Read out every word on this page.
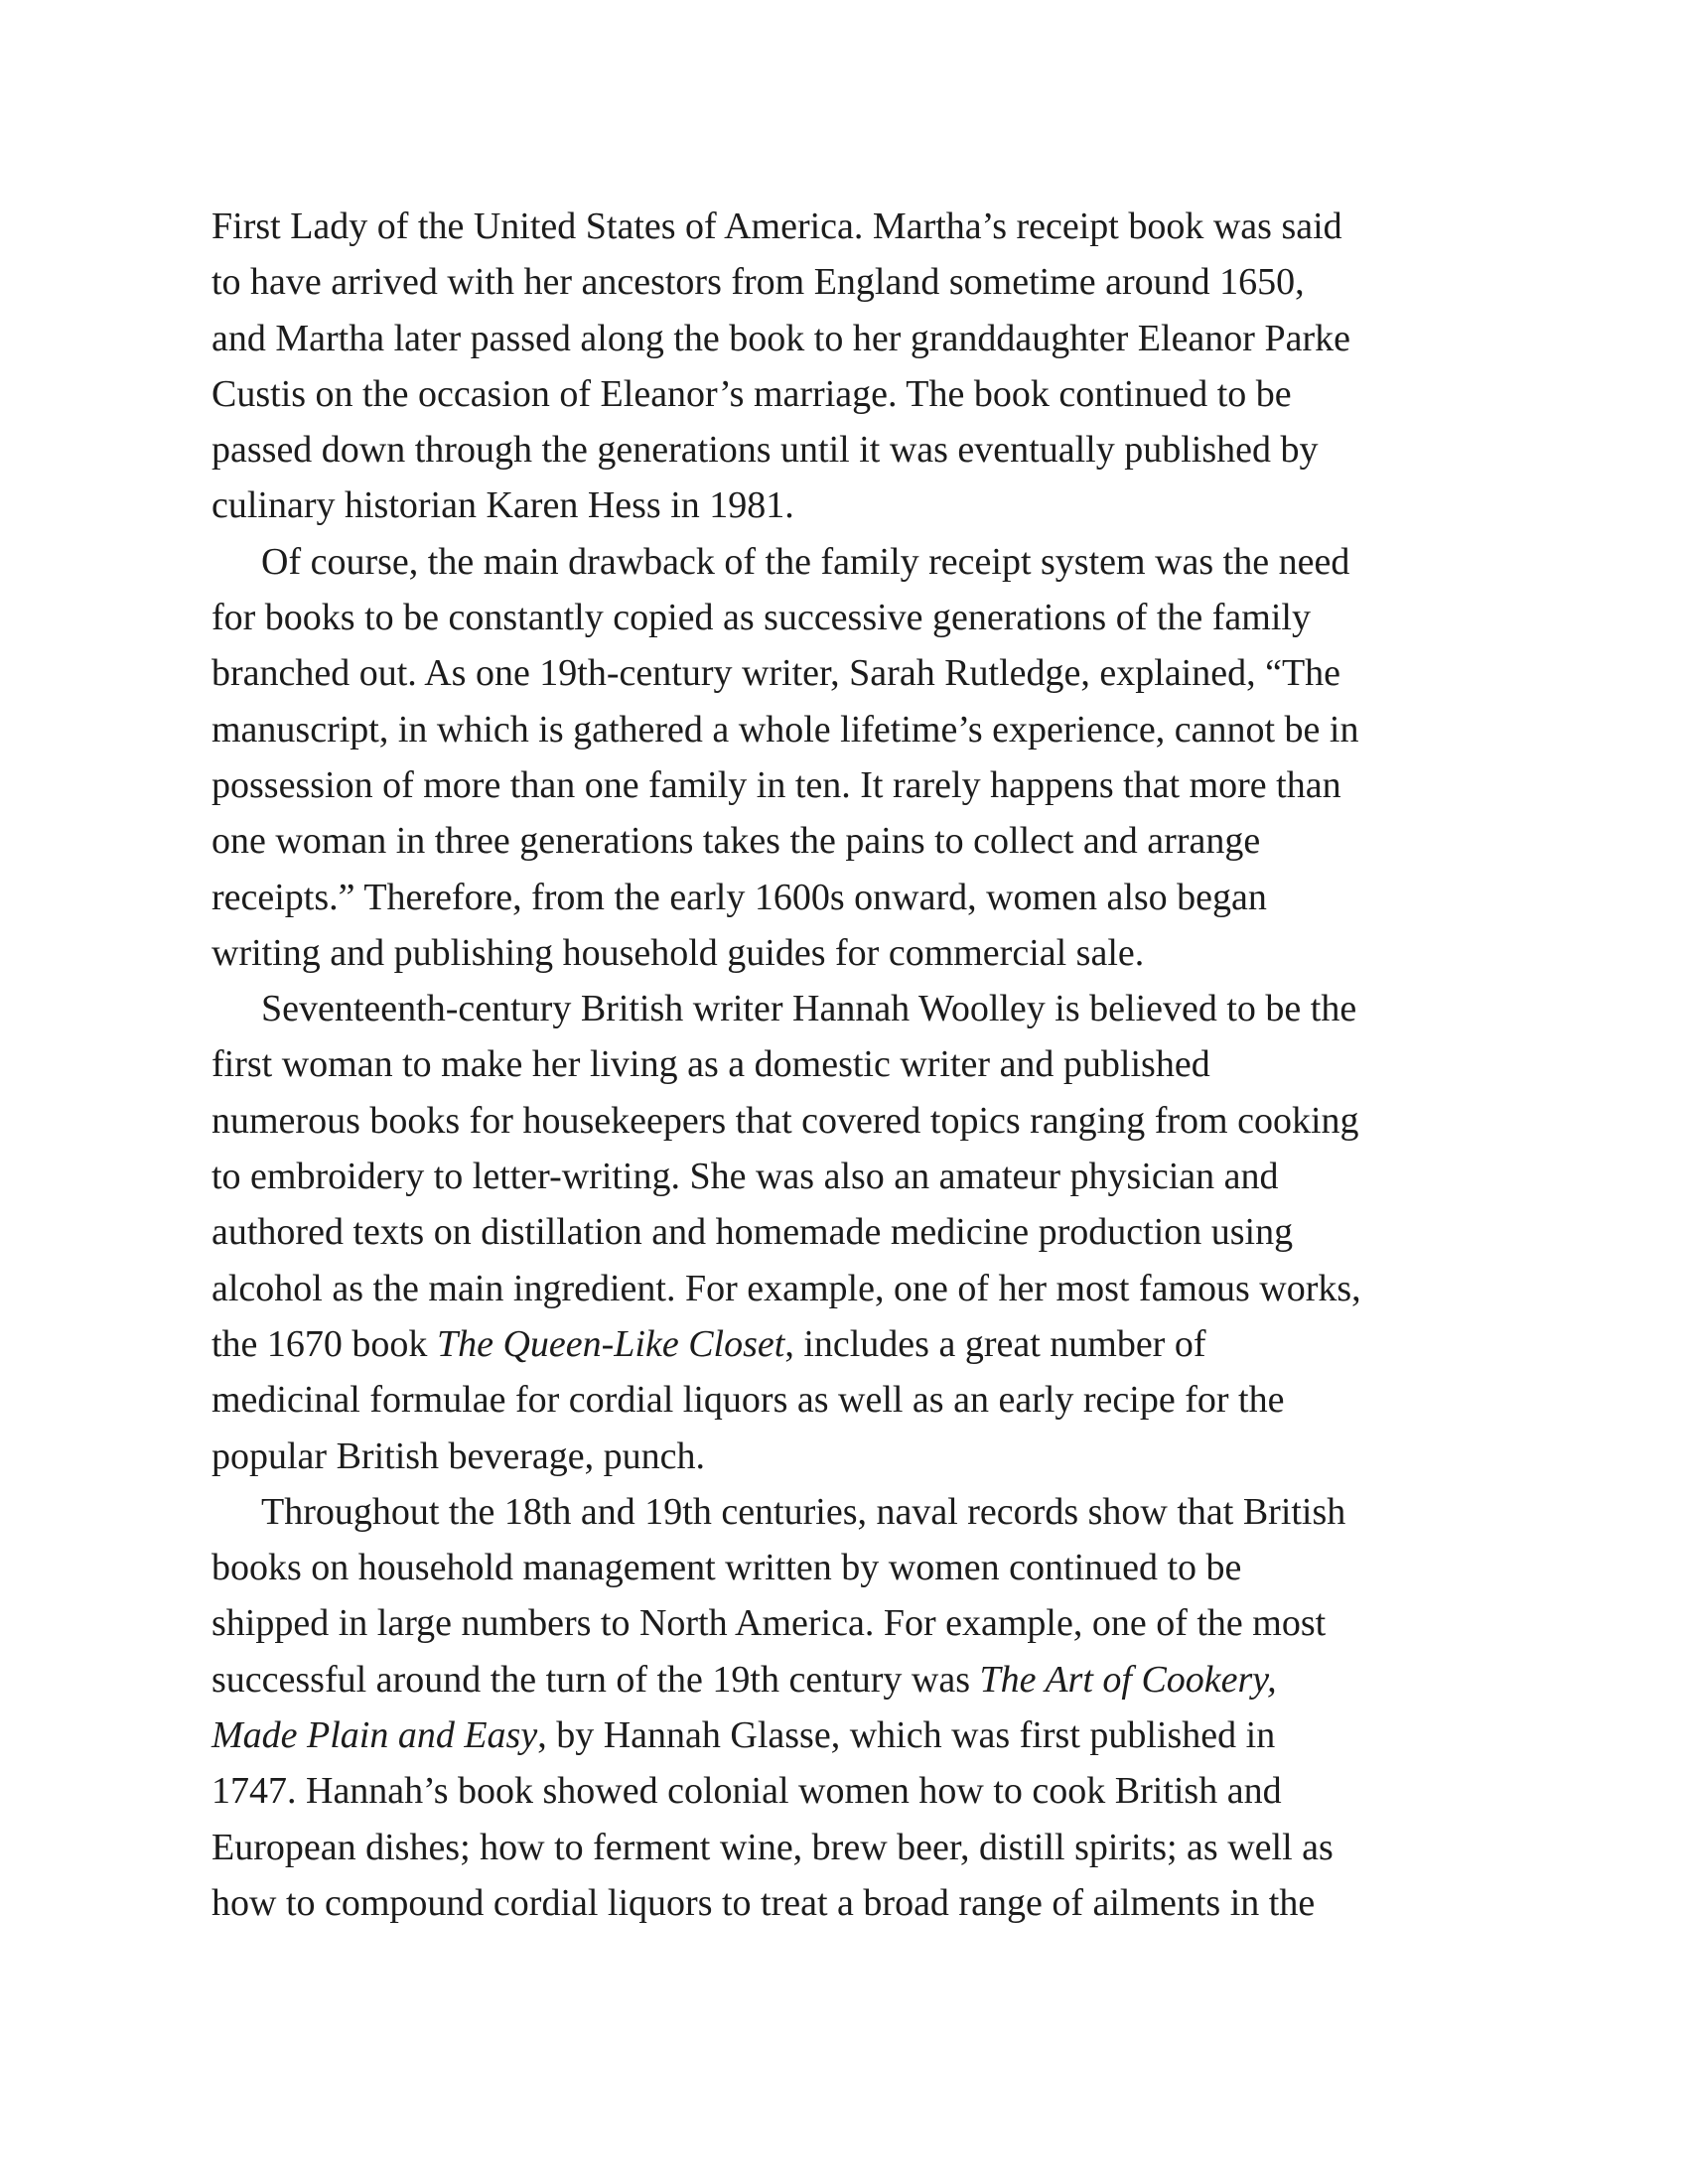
First Lady of the United States of America. Martha’s receipt book was said
to have arrived with her ancestors from England sometime around 1650,
and Martha later passed along the book to her granddaughter Eleanor Parke
Custis on the occasion of Eleanor’s marriage. The book continued to be
passed down through the generations until it was eventually published by
culinary historian Karen Hess in 1981.
Of course, the main drawback of the family receipt system was the need
for books to be constantly copied as successive generations of the family
branched out. As one 19th-century writer, Sarah Rutledge, explained, “The
manuscript, in which is gathered a whole lifetime’s experience, cannot be in
possession of more than one family in ten. It rarely happens that more than
one woman in three generations takes the pains to collect and arrange
receipts.” Therefore, from the early 1600s onward, women also began
writing and publishing household guides for commercial sale.
Seventeenth-century British writer Hannah Woolley is believed to be the
first woman to make her living as a domestic writer and published
numerous books for housekeepers that covered topics ranging from cooking
to embroidery to letter-writing. She was also an amateur physician and
authored texts on distillation and homemade medicine production using
alcohol as the main ingredient. For example, one of her most famous works,
the 1670 book The Queen-Like Closet, includes a great number of
medicinal formulae for cordial liquors as well as an early recipe for the
popular British beverage, punch.
Throughout the 18th and 19th centuries, naval records show that British
books on household management written by women continued to be
shipped in large numbers to North America. For example, one of the most
successful around the turn of the 19th century was The Art of Cookery,
Made Plain and Easy, by Hannah Glasse, which was first published in
1747. Hannah’s book showed colonial women how to cook British and
European dishes; how to ferment wine, brew beer, distill spirits; as well as
how to compound cordial liquors to treat a broad range of ailments in the
